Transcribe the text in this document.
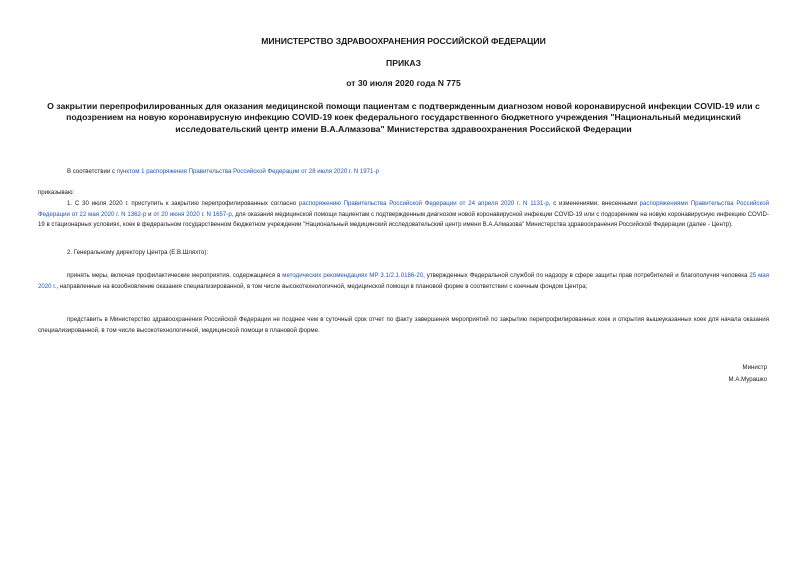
МИНИСТЕРСТВО ЗДРАВООХРАНЕНИЯ РОССИЙСКОЙ ФЕДЕРАЦИИ

ПРИКАЗ

от 30 июля 2020 года N 775

О закрытии перепрофилированных для оказания медицинской помощи пациентам с подтвержденным диагнозом новой коронавирусной инфекции COVID-19 или с подозрением на новую коронавирусную инфекцию COVID-19 коек федерального государственного бюджетного учреждения "Национальный медицинский исследовательский центр имени В.А.Алмазова" Министерства здравоохранения Российской Федерации

В соответствии с пунктом 1 распоряжения Правительства Российской Федерации от 28 июля 2020 г. N 1971-р

приказываю:

1. С 30 июля 2020 г. приступить к закрытию перепрофилированных согласно распоряжению Правительства Российской Федерации от 24 апреля 2020 г. N 1131-р, с изменениями, внесенными распоряжениями Правительства Российской Федерации от 22 мая 2020 г. N 1362-р и от 20 июня 2020 г. N 1657-р, для оказания медицинской помощи пациентам с подтвержденным диагнозом новой коронавирусной инфекции COVID-19 или с подозрением на новую коронавирусную инфекцию COVID-19 в стационарных условиях, коек в федеральном государственном бюджетном учреждении "Национальный медицинский исследовательский центр имени В.А.Алмазова" Министерства здравоохранения Российской Федерации (далее - Центр).

2. Генеральному директору Центра (Е.В.Шляхто):

принять меры, включая профилактические мероприятия, содержащиеся в методических рекомендациях МР 3.1/2.1.0186-20, утвержденных Федеральной службой по надзору в сфере защиты прав потребителей и благополучия человека 25 мая 2020 г., направленные на возобновление оказания специализированной, в том числе высокотехнологичной, медицинской помощи в плановой форме в соответствии с коечным фондом Центра;

представить в Министерство здравоохранения Российской Федерации не позднее чем в суточный срок отчет по факту завершения мероприятий по закрытию перепрофилированных коек и открытия вышеуказанных коек для начала оказания специализированной, в том числе высокотехнологичной, медицинской помощи в плановой форме.

Министр

М.А.Мурашко
